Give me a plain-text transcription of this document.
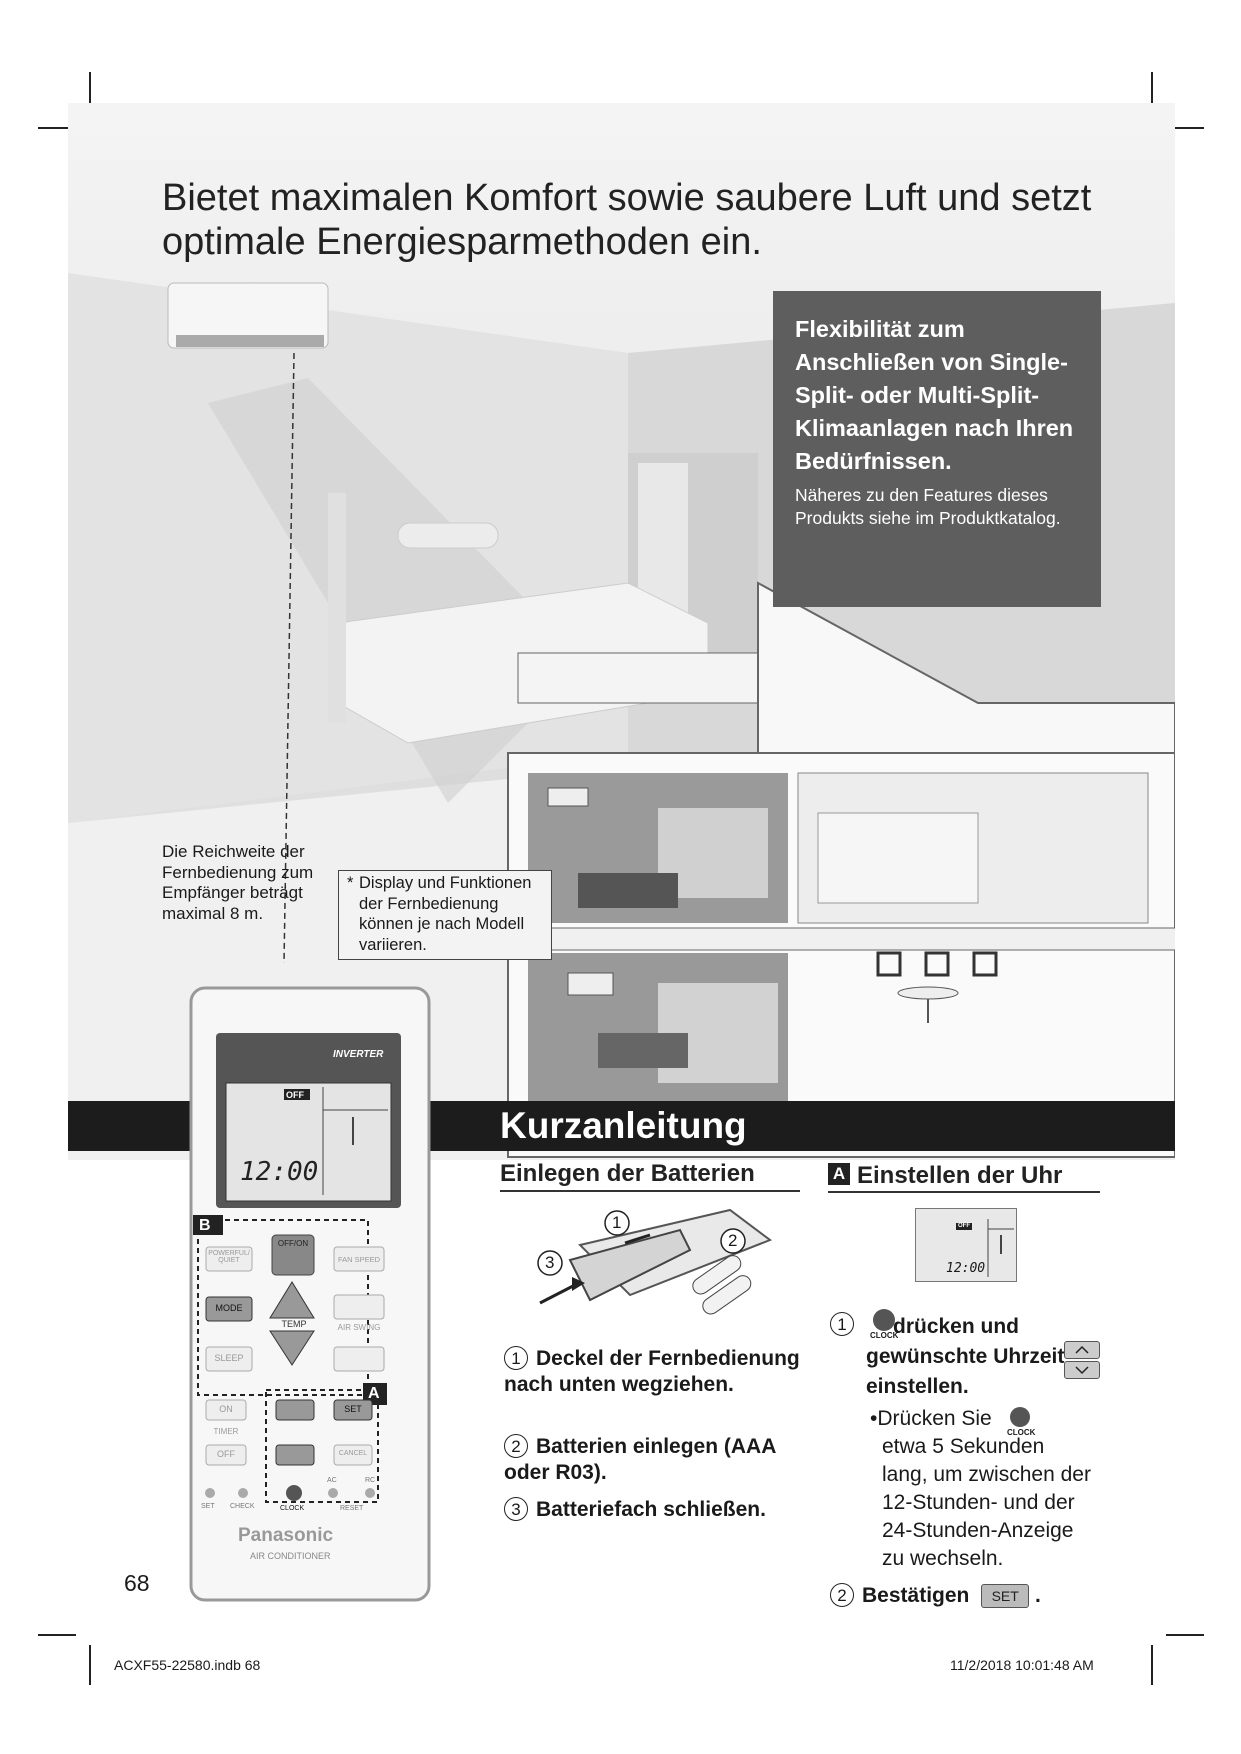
Bietet maximalen Komfort sowie saubere Luft und setzt optimale Energiesparmethoden ein.
Flexibilität zum Anschließen von Single-Split- oder Multi-Split-Klimaanlagen nach Ihren Bedürfnissen.
Näheres zu den Features dieses Produkts siehe im Produktkatalog.
Die Reichweite der Fernbedienung zum Empfänger beträgt maximal 8 m.
* Display und Funktionen der Fernbedienung können je nach Modell variieren.
Kurzanleitung
INVERTER
OFF
12:00
B
A
OFF/ON
POWERFUL/ QUIET	FAN SPEED
MODE
TEMP	AIR SWING
SLEEP
ON
TIMER
OFF
SET
CANCEL
SET CHECK	CLOCK
AC	RC
RESET
Panasonic
AIR CONDITIONER
Einlegen der Batterien
1
2
3
1 Deckel der Fernbedienung nach unten wegziehen.
2 Batterien einlegen (AAA oder R03).
3 Batteriefach schließen.
A Einstellen der Uhr
OFF
12:00
1
CLOCK
drücken und
gewünschte Uhrzeit
einstellen.
•Drücken Sie
CLOCK
etwa 5 Sekunden lang, um zwischen der 12-Stunden- und der 24-Stunden-Anzeige zu wechseln.
2 Bestätigen SET .
68
ACXF55-22580.indb 68	11/2/2018 10:01:48 AM
